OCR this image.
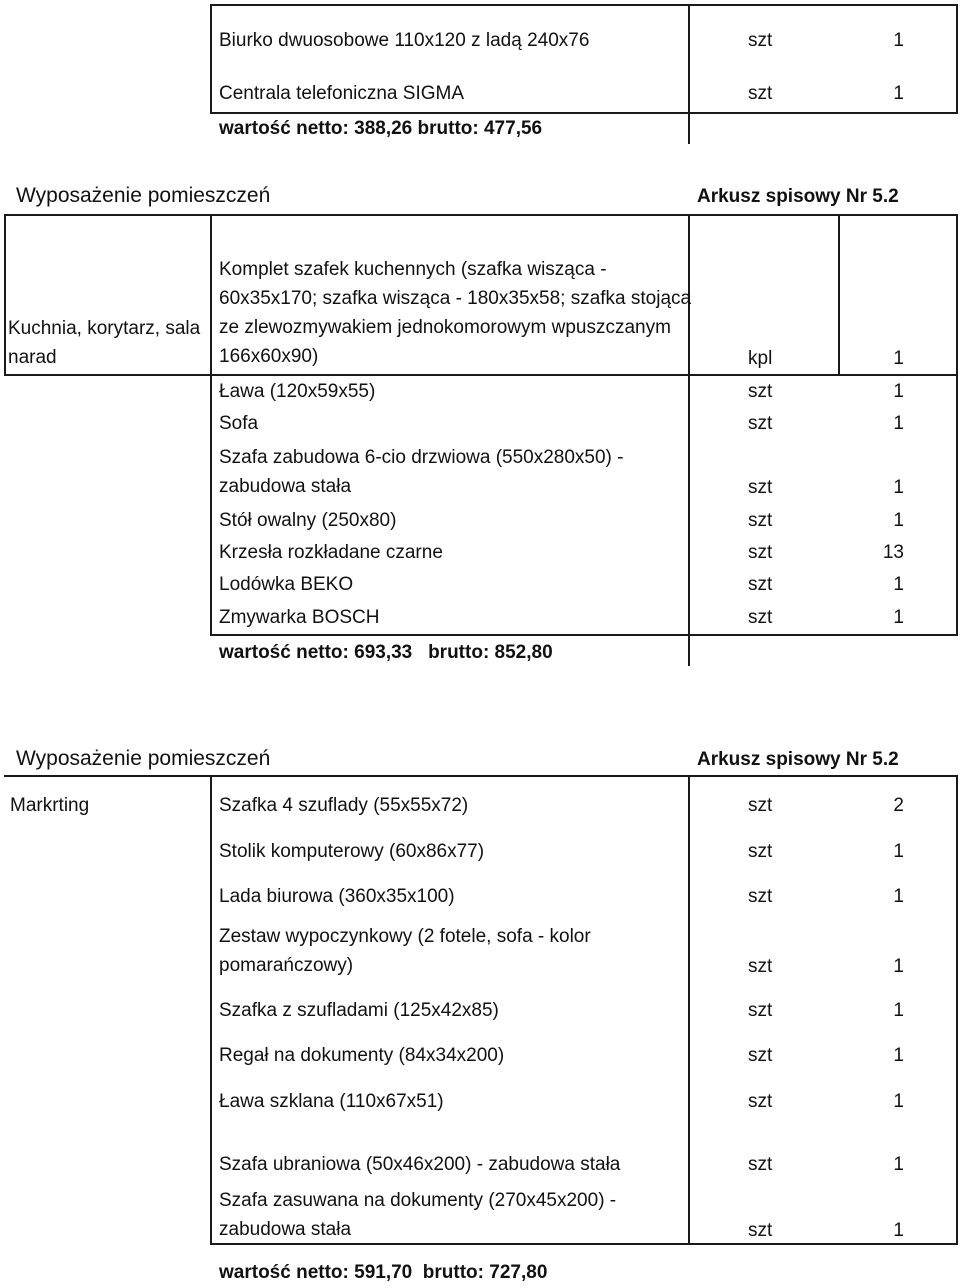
Biurko dwuosobowe 110x120 z ladą 240x76	szt	1
Centrala telefoniczna SIGMA	szt	1
wartość netto: 388,26 brutto: 477,56
Wyposażenie pomieszczeń	Arkusz spisowy Nr 5.2
Kuchnia, korytarz, sala narad
Komplet szafek kuchennych (szafka wisząca - 60x35x170; szafka wisząca - 180x35x58; szafka stojąca ze zlewozmywakiem jednokomorowym wpuszczanym 166x60x90)	kpl	1
Ława (120x59x55)	szt	1
Sofa	szt	1
Szafa zabudowa 6-cio drzwiowa (550x280x50) - zabudowa stała	szt	1
Stół owalny (250x80)	szt	1
Krzesła rozkładane czarne	szt	13
Lodówka BEKO	szt	1
Zmywarka BOSCH	szt	1
wartość netto: 693,33   brutto: 852,80
Wyposażenie pomieszczeń	Arkusz spisowy Nr 5.2
Markrting	Szafka 4 szuflady (55x55x72)	szt	2
Stolik komputerowy (60x86x77)	szt	1
Lada biurowa (360x35x100)	szt	1
Zestaw wypoczynkowy (2 fotele, sofa - kolor pomarańczowy)	szt	1
Szafka z szufladami (125x42x85)	szt	1
Regał na dokumenty (84x34x200)	szt	1
Ława szklana (110x67x51)	szt	1
Szafa ubraniowa (50x46x200) - zabudowa stała	szt	1
Szafa zasuwana na dokumenty (270x45x200) - zabudowa stała	szt	1
wartość netto: 591,70  brutto: 727,80
